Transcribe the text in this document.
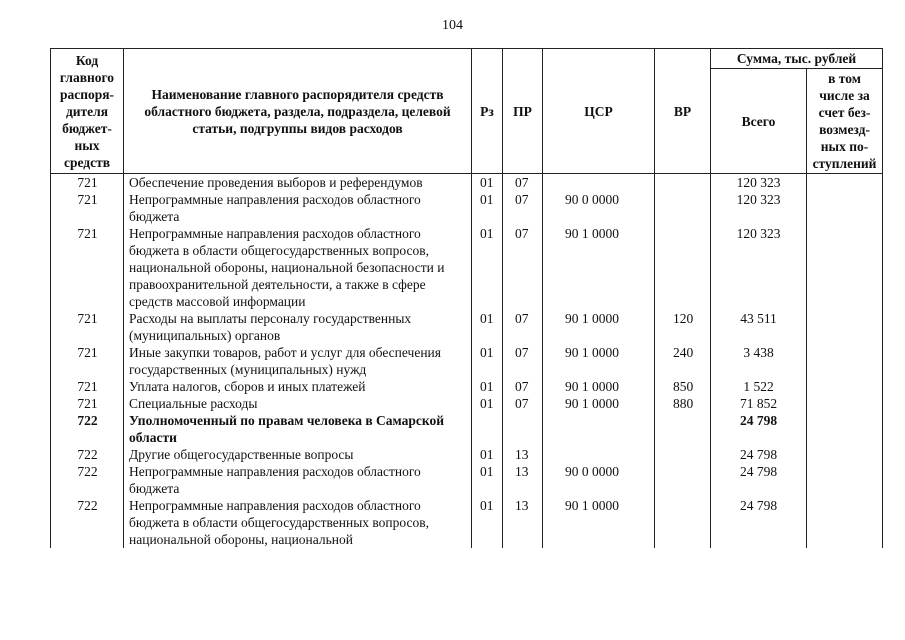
104
Код главного распоря-дителя бюджет-ных средств	Наименование главного распорядителя средств областного бюджета, раздела, подраздела, целевой статьи, подгруппы видов расходов	Рз	ПР	ЦСР	ВР	Сумма, тыс. рублей	
						Всего	в том числе за счет без-возмезд-ных по-ступлений
721	Обеспечение проведения выборов и референдумов	01	07			120 323	
721	Непрограммные направления расходов областного бюджета	01	07	90 0 0000		120 323	
721	Непрограммные направления расходов областного бюджета в области общегосударственных вопросов, национальной обороны, национальной безопасности и правоохранительной деятельности, а также в сфере средств массовой информации	01	07	90 1 0000		120 323	
721	Расходы на выплаты персоналу государственных (муниципальных) органов	01	07	90 1 0000	120	43 511	
721	Иные закупки товаров, работ и услуг для обеспечения государственных (муниципальных) нужд	01	07	90 1 0000	240	3 438	
721	Уплата налогов, сборов и иных платежей	01	07	90 1 0000	850	1 522	
721	Специальные расходы	01	07	90 1 0000	880	71 852	
722	Уполномоченный по правам человека в Самарской области					24 798	
722	Другие общегосударственные вопросы	01	13			24 798	
722	Непрограммные направления расходов областного бюджета	01	13	90 0 0000		24 798	
722	Непрограммные направления расходов областного бюджета в области общегосударственных вопросов, национальной обороны, национальной	01	13	90 1 0000		24 798	
